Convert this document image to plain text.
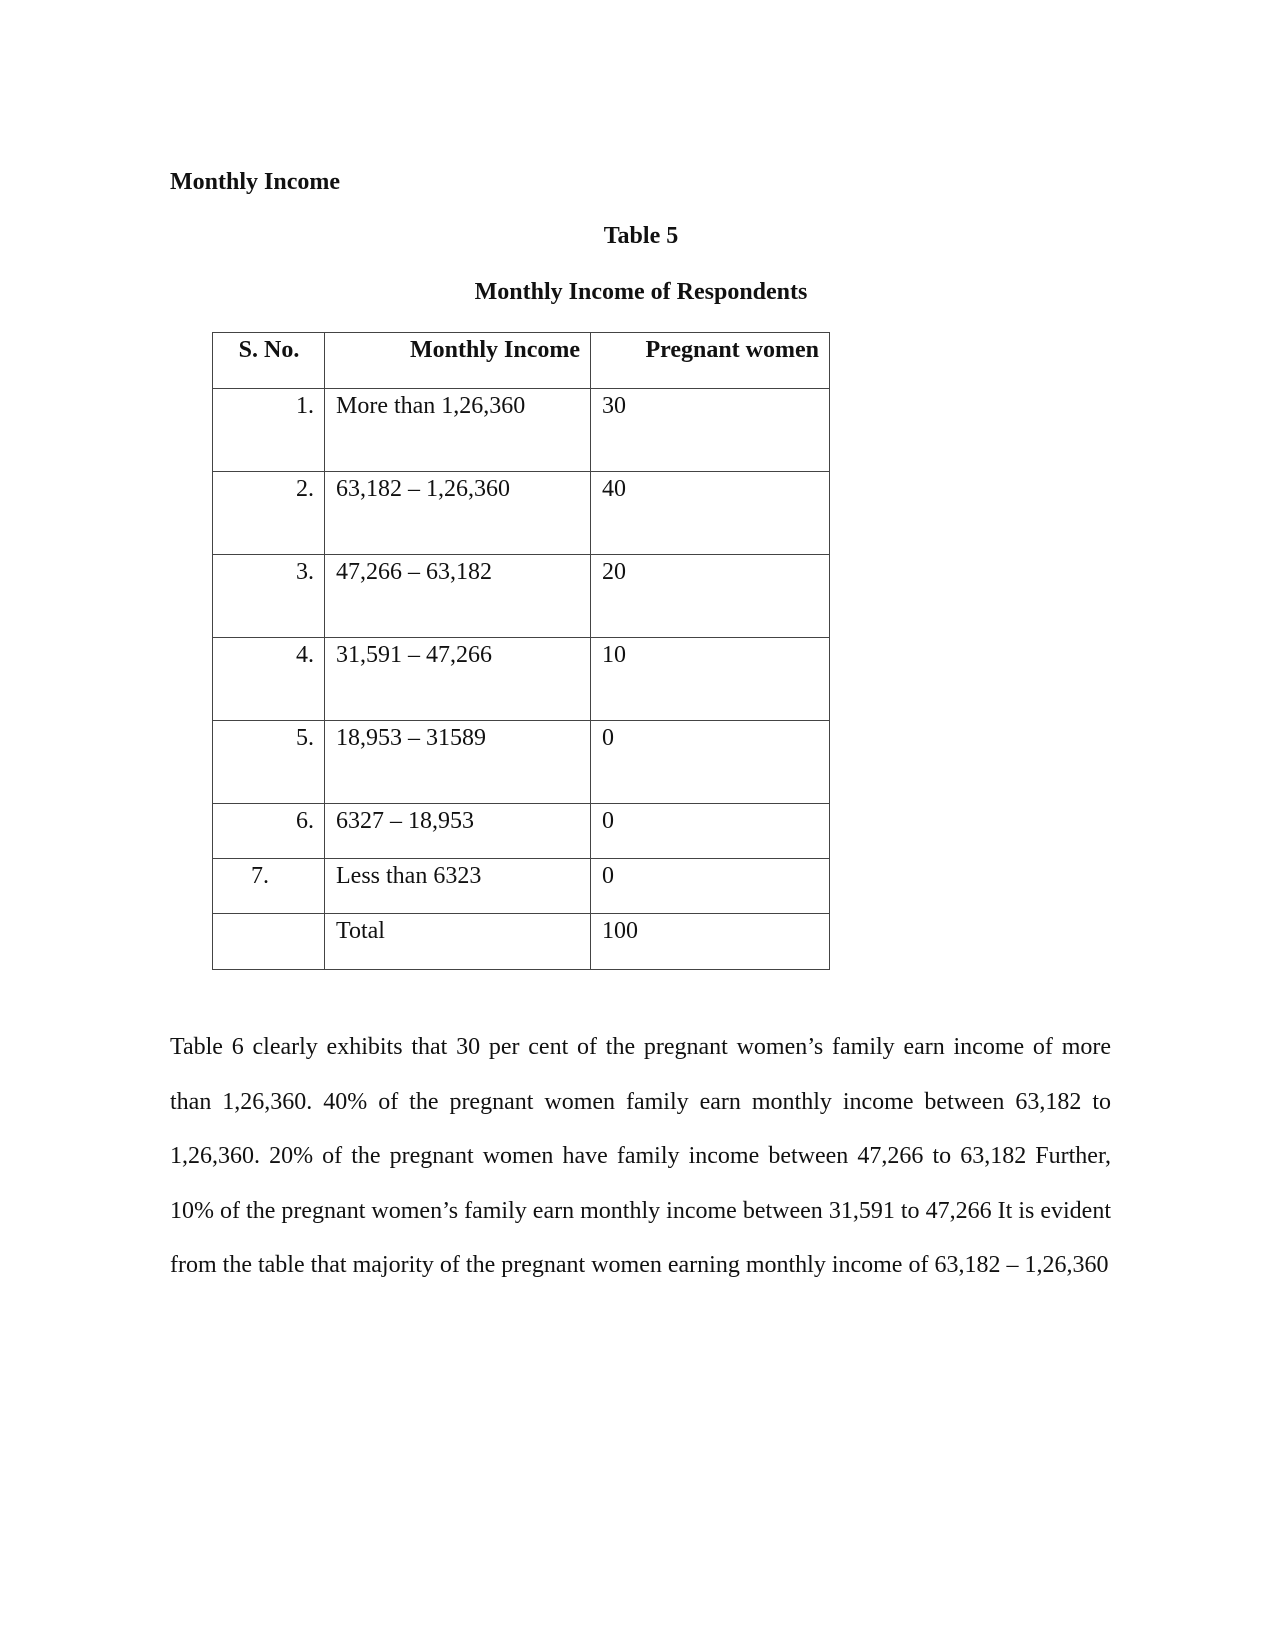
Monthly Income
Table 5
Monthly Income of Respondents
S. No.	Monthly Income	Pregnant women
1.	More than 1,26,360	30
2.	63,182 – 1,26,360	40
3.	47,266 – 63,182	20
4.	31,591 – 47,266	10
5.	18,953 – 31589	0
6.	6327 – 18,953	0
7.	Less than 6323	0
	Total	100
Table 6 clearly exhibits that 30 per cent of the pregnant women’s family earn income of more than 1,26,360. 40% of the pregnant women family earn monthly income between 63,182 to 1,26,360. 20% of the pregnant women have family income between 47,266 to 63,182 Further, 10% of the pregnant women’s family earn monthly income between 31,591 to 47,266 It is evident from the table that majority of the pregnant women earning monthly income of 63,182 – 1,26,360
